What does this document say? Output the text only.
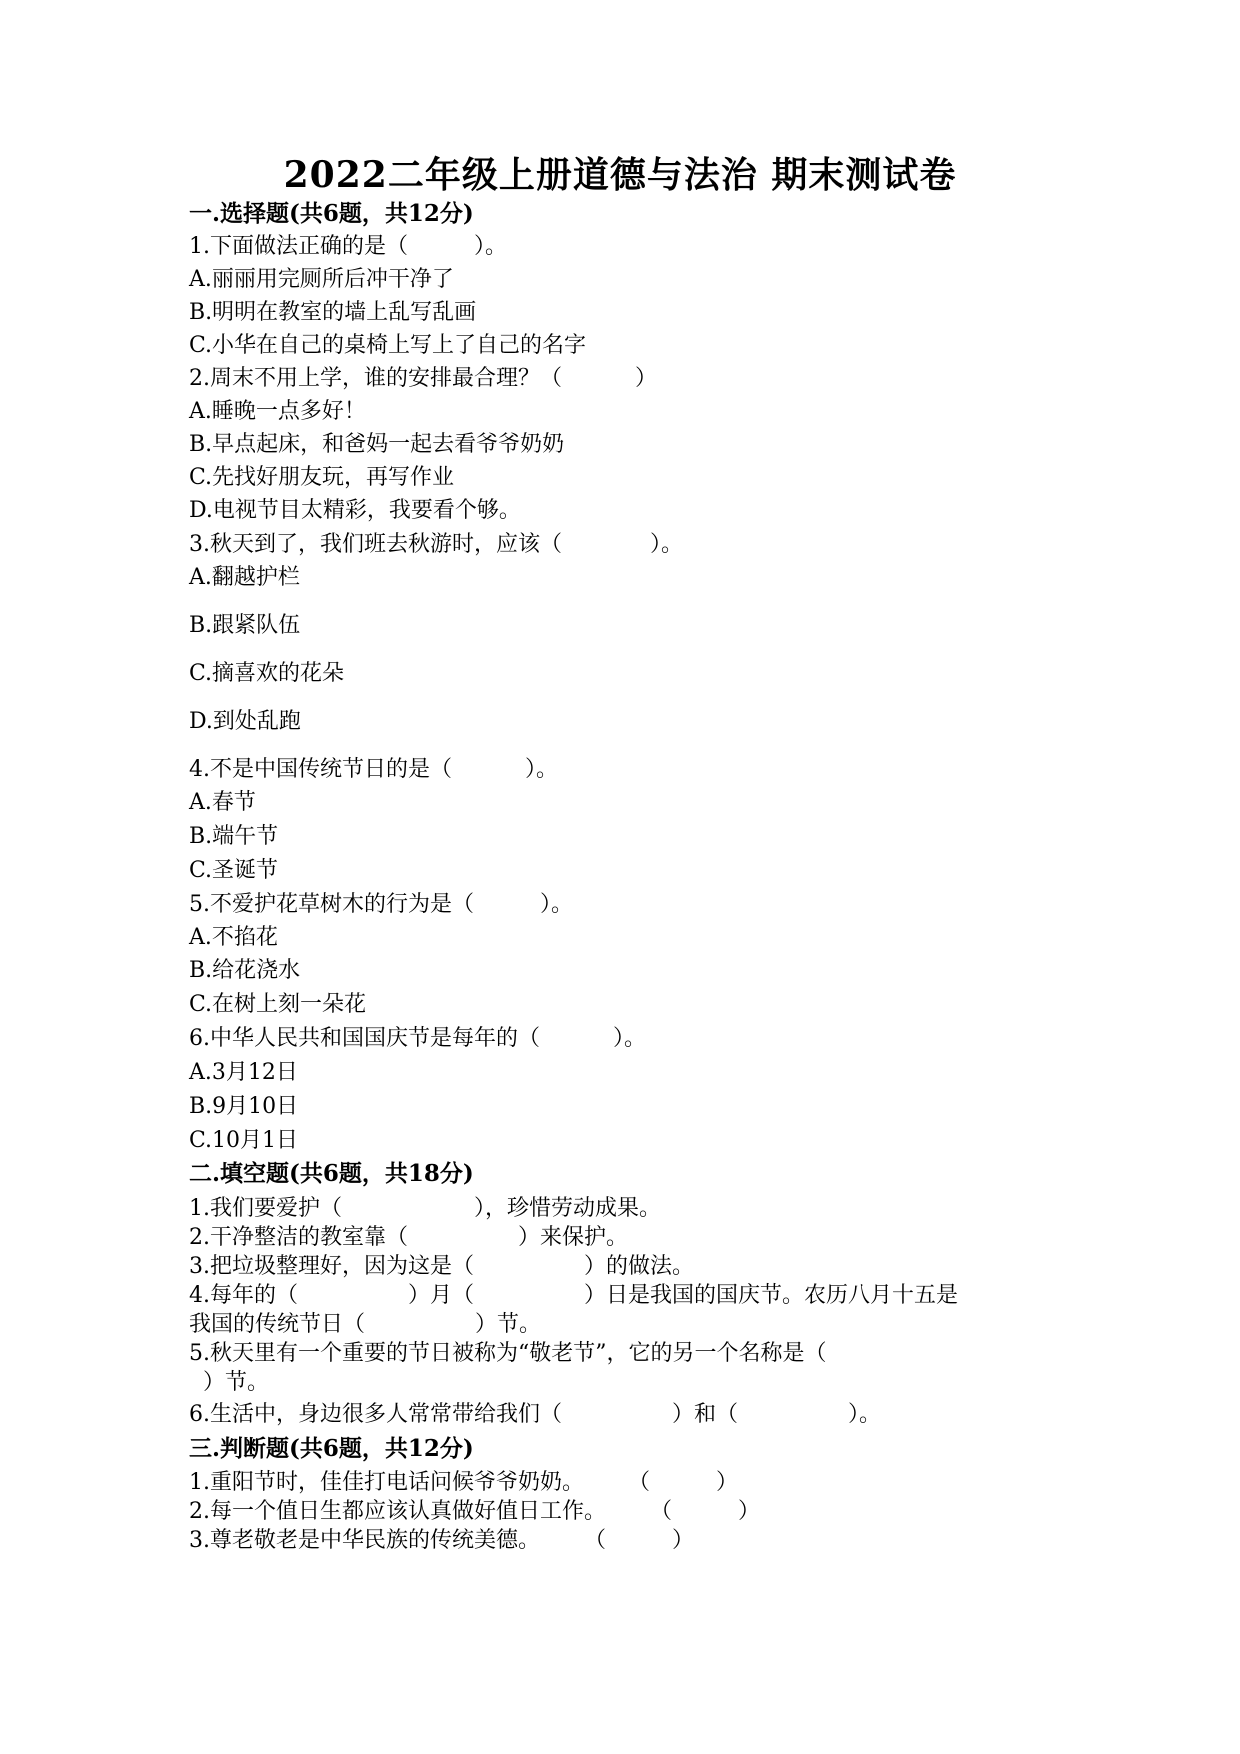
2022二年级上册道德与法治 期末测试卷
一.选择题(共6题，共12分)
1.下面做法正确的是（　　　）。
A.丽丽用完厕所后冲干净了
B.明明在教室的墙上乱写乱画
C.小华在自己的桌椅上写上了自己的名字
2.周末不用上学，谁的安排最合理？（　　　 ）
A.睡晚一点多好！
B.早点起床，和爸妈一起去看爷爷奶奶
C.先找好朋友玩，再写作业
D.电视节目太精彩，我要看个够。
3.秋天到了，我们班去秋游时，应该（　　　　）。
A.翻越护栏
B.跟紧队伍
C.摘喜欢的花朵
D.到处乱跑
4.不是中国传统节日的是（　　　 ）。
A.春节
B.端午节
C.圣诞节
5.不爱护花草树木的行为是（　　　）。
A.不掐花
B.给花浇水
C.在树上刻一朵花
6.中华人民共和国国庆节是每年的（　　　 ）。
A.3月12日
B.9月10日
C.10月1日
二.填空题(共6题，共18分)
1.我们要爱护（　　　　　　），珍惜劳动成果。
2.干净整洁的教室靠（　　　　　）来保护。
3.把垃圾整理好，因为这是（　　　　　）的做法。
4.每年的（　　　　　）月（　　　　　）日是我国的国庆节。农历八月十五是
我国的传统节日（　　　　　）节。
5.秋天里有一个重要的节日被称为“敬老节”，它的另一个名称是（
）节。
6.生活中，身边很多人常常带给我们（　　　　　）和（　　　　　）。
三.判断题(共6题，共12分)
1.重阳节时，佳佳打电话问候爷爷奶奶。　　　（　　　）
2.每一个值日生都应该认真做好值日工作。　　　（　　　）
3.尊老敬老是中华民族的传统美德。　　　（　　　）
